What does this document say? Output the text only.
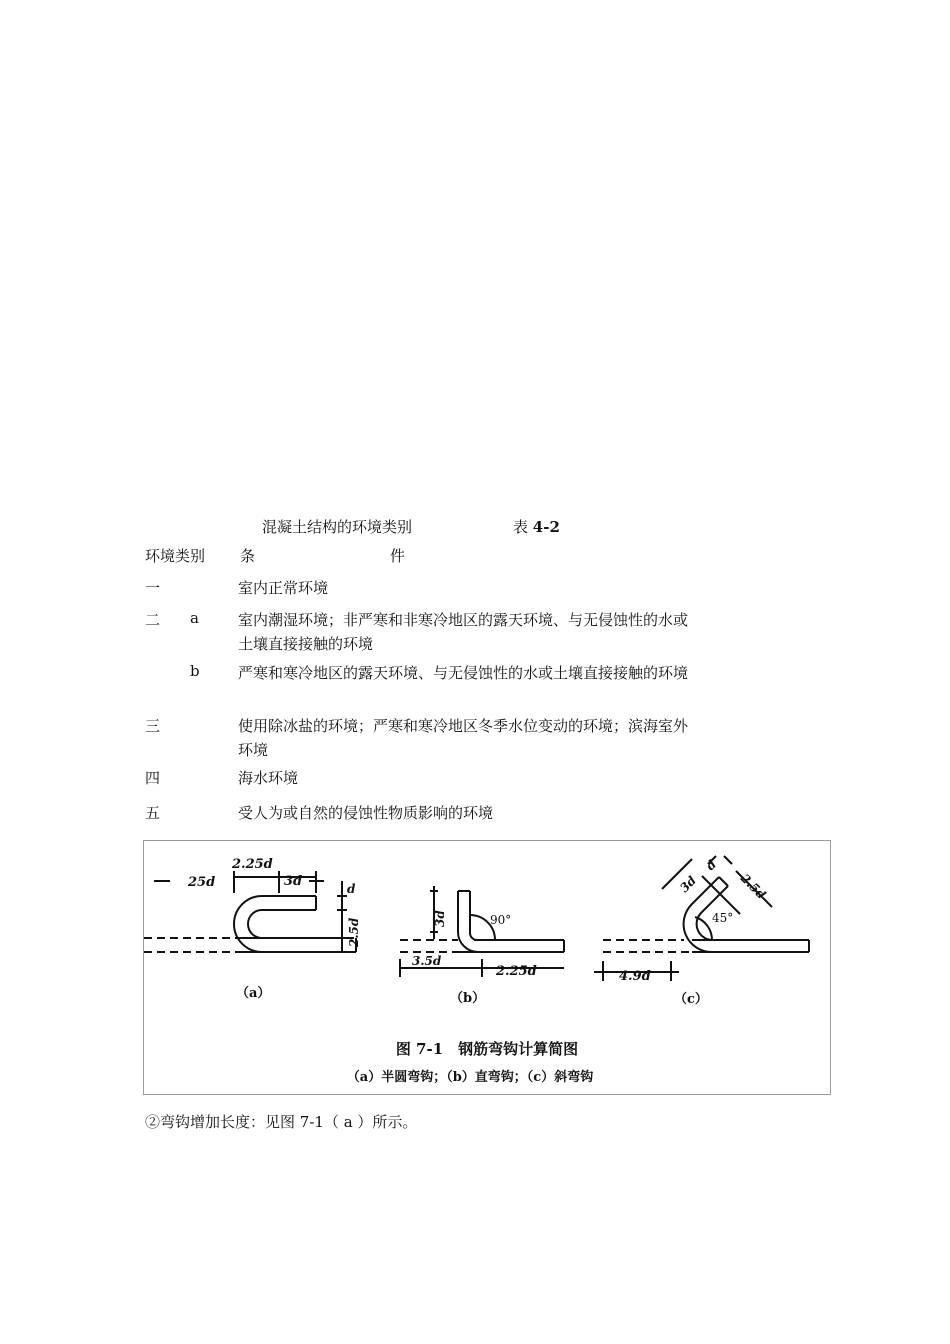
混凝土结构的环境类别	表 4-2
环境类别 条	件
一	室内正常环境
二 a	室内潮湿环境；非严寒和非寒冷地区的露天环境、与无侵蚀性的水或
土壤直接接触的环境
b	严寒和寒冷地区的露天环境、与无侵蚀性的水或土壤直接接触的环境
三	使用除冰盐的环境；严寒和寒冷地区冬季水位变动的环境；滨海室外
环境
四	海水环境
五	受人为或自然的侵蚀性物质影响的环境
25d
2.25d
3d	d
2.5d
（a）
3d	90°
3.5d
2.25d
（b）
3d
d
2.5d
45°
4.9d
（c）
图 7-1　钢筋弯钩计算简图
（a）半圆弯钩；（b）直弯钩；（c）斜弯钩
②弯钩增加长度：见图 7-1（ a ）所示。
